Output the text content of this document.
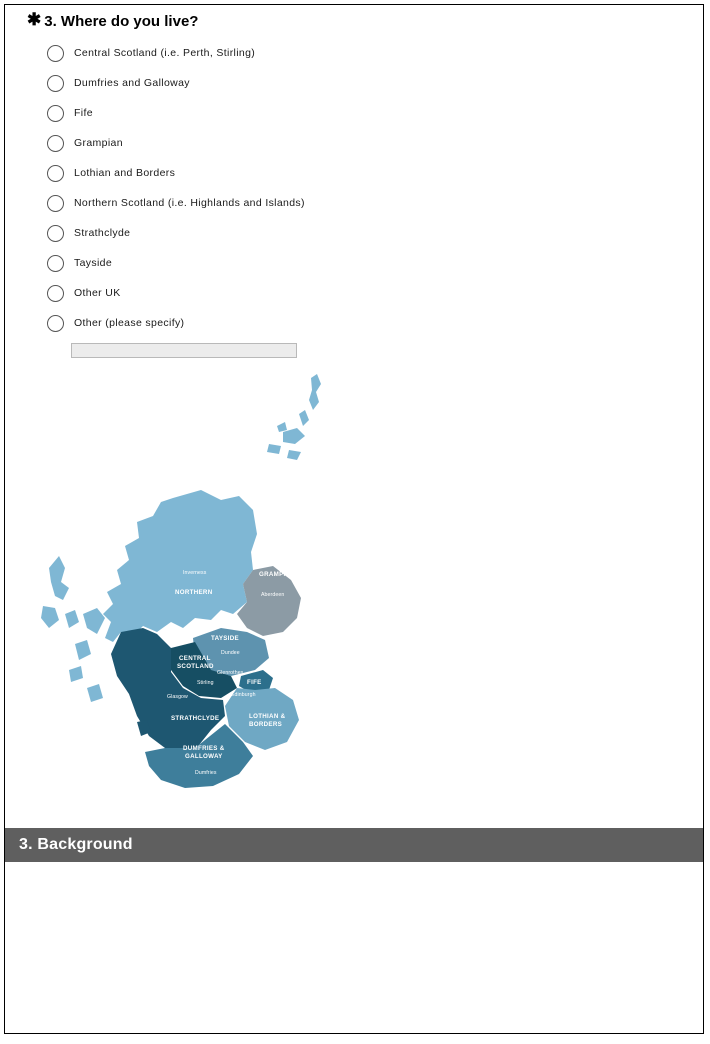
✱ 3. Where do you live?
Central Scotland (i.e. Perth, Stirling)
Dumfries and Galloway
Fife
Grampian
Lothian and Borders
Northern Scotland (i.e. Highlands and Islands)
Strathclyde
Tayside
Other UK
Other (please specify)
NORTHERN
GRAMPIAN
TAYSIDE
CENTRAL
SCOTLAND
FIFE
STRATHCLYDE	LOTHIAN &
BORDERS
DUMFRIES &
GALLOWAY
Inverness
Aberdeen
Dundee
Glenrothes
Stirling
Glasgow	Edinburgh
Dumfries
3. Background
